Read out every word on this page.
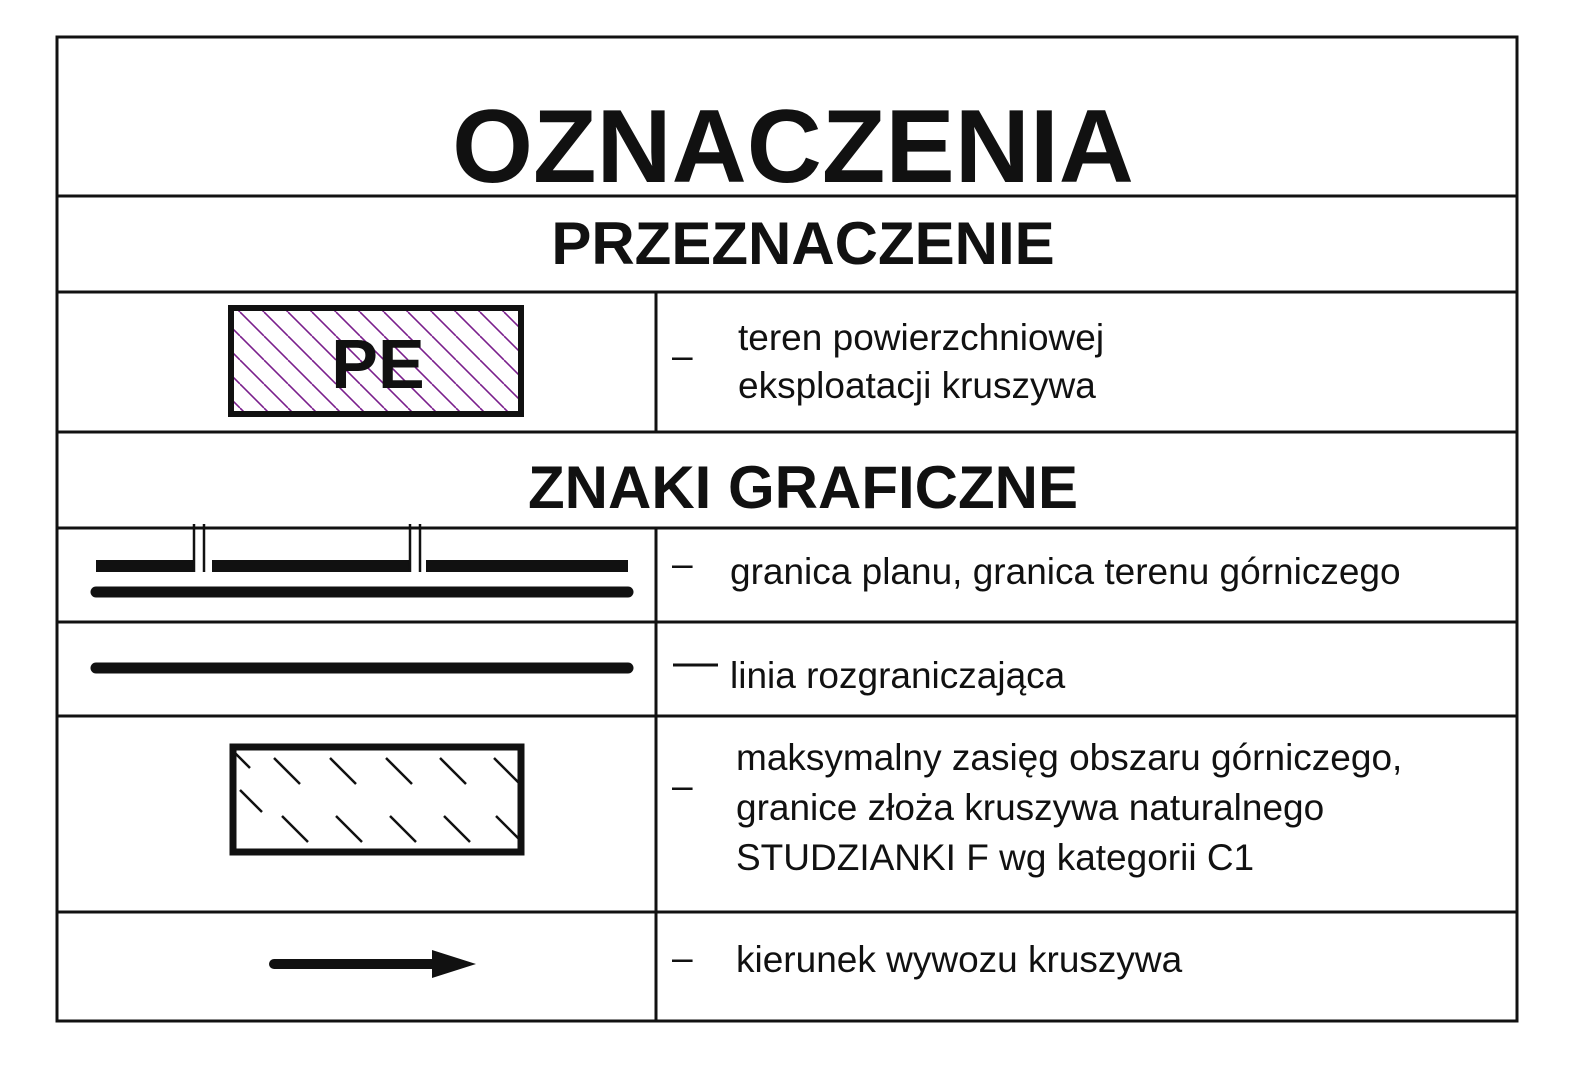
OZNACZENIA
PRZEZNACZENIE
ZNAKI GRAFICZNE
PE	– teren powierzchniowej
eksploatacji kruszywa
– granica planu, granica terenu górniczego
linia rozgraniczająca
–
maksymalny zasięg obszaru górniczego,
granice złoża kruszywa naturalnego
STUDZIANKI F wg kategorii C1
– kierunek wywozu kruszywa
